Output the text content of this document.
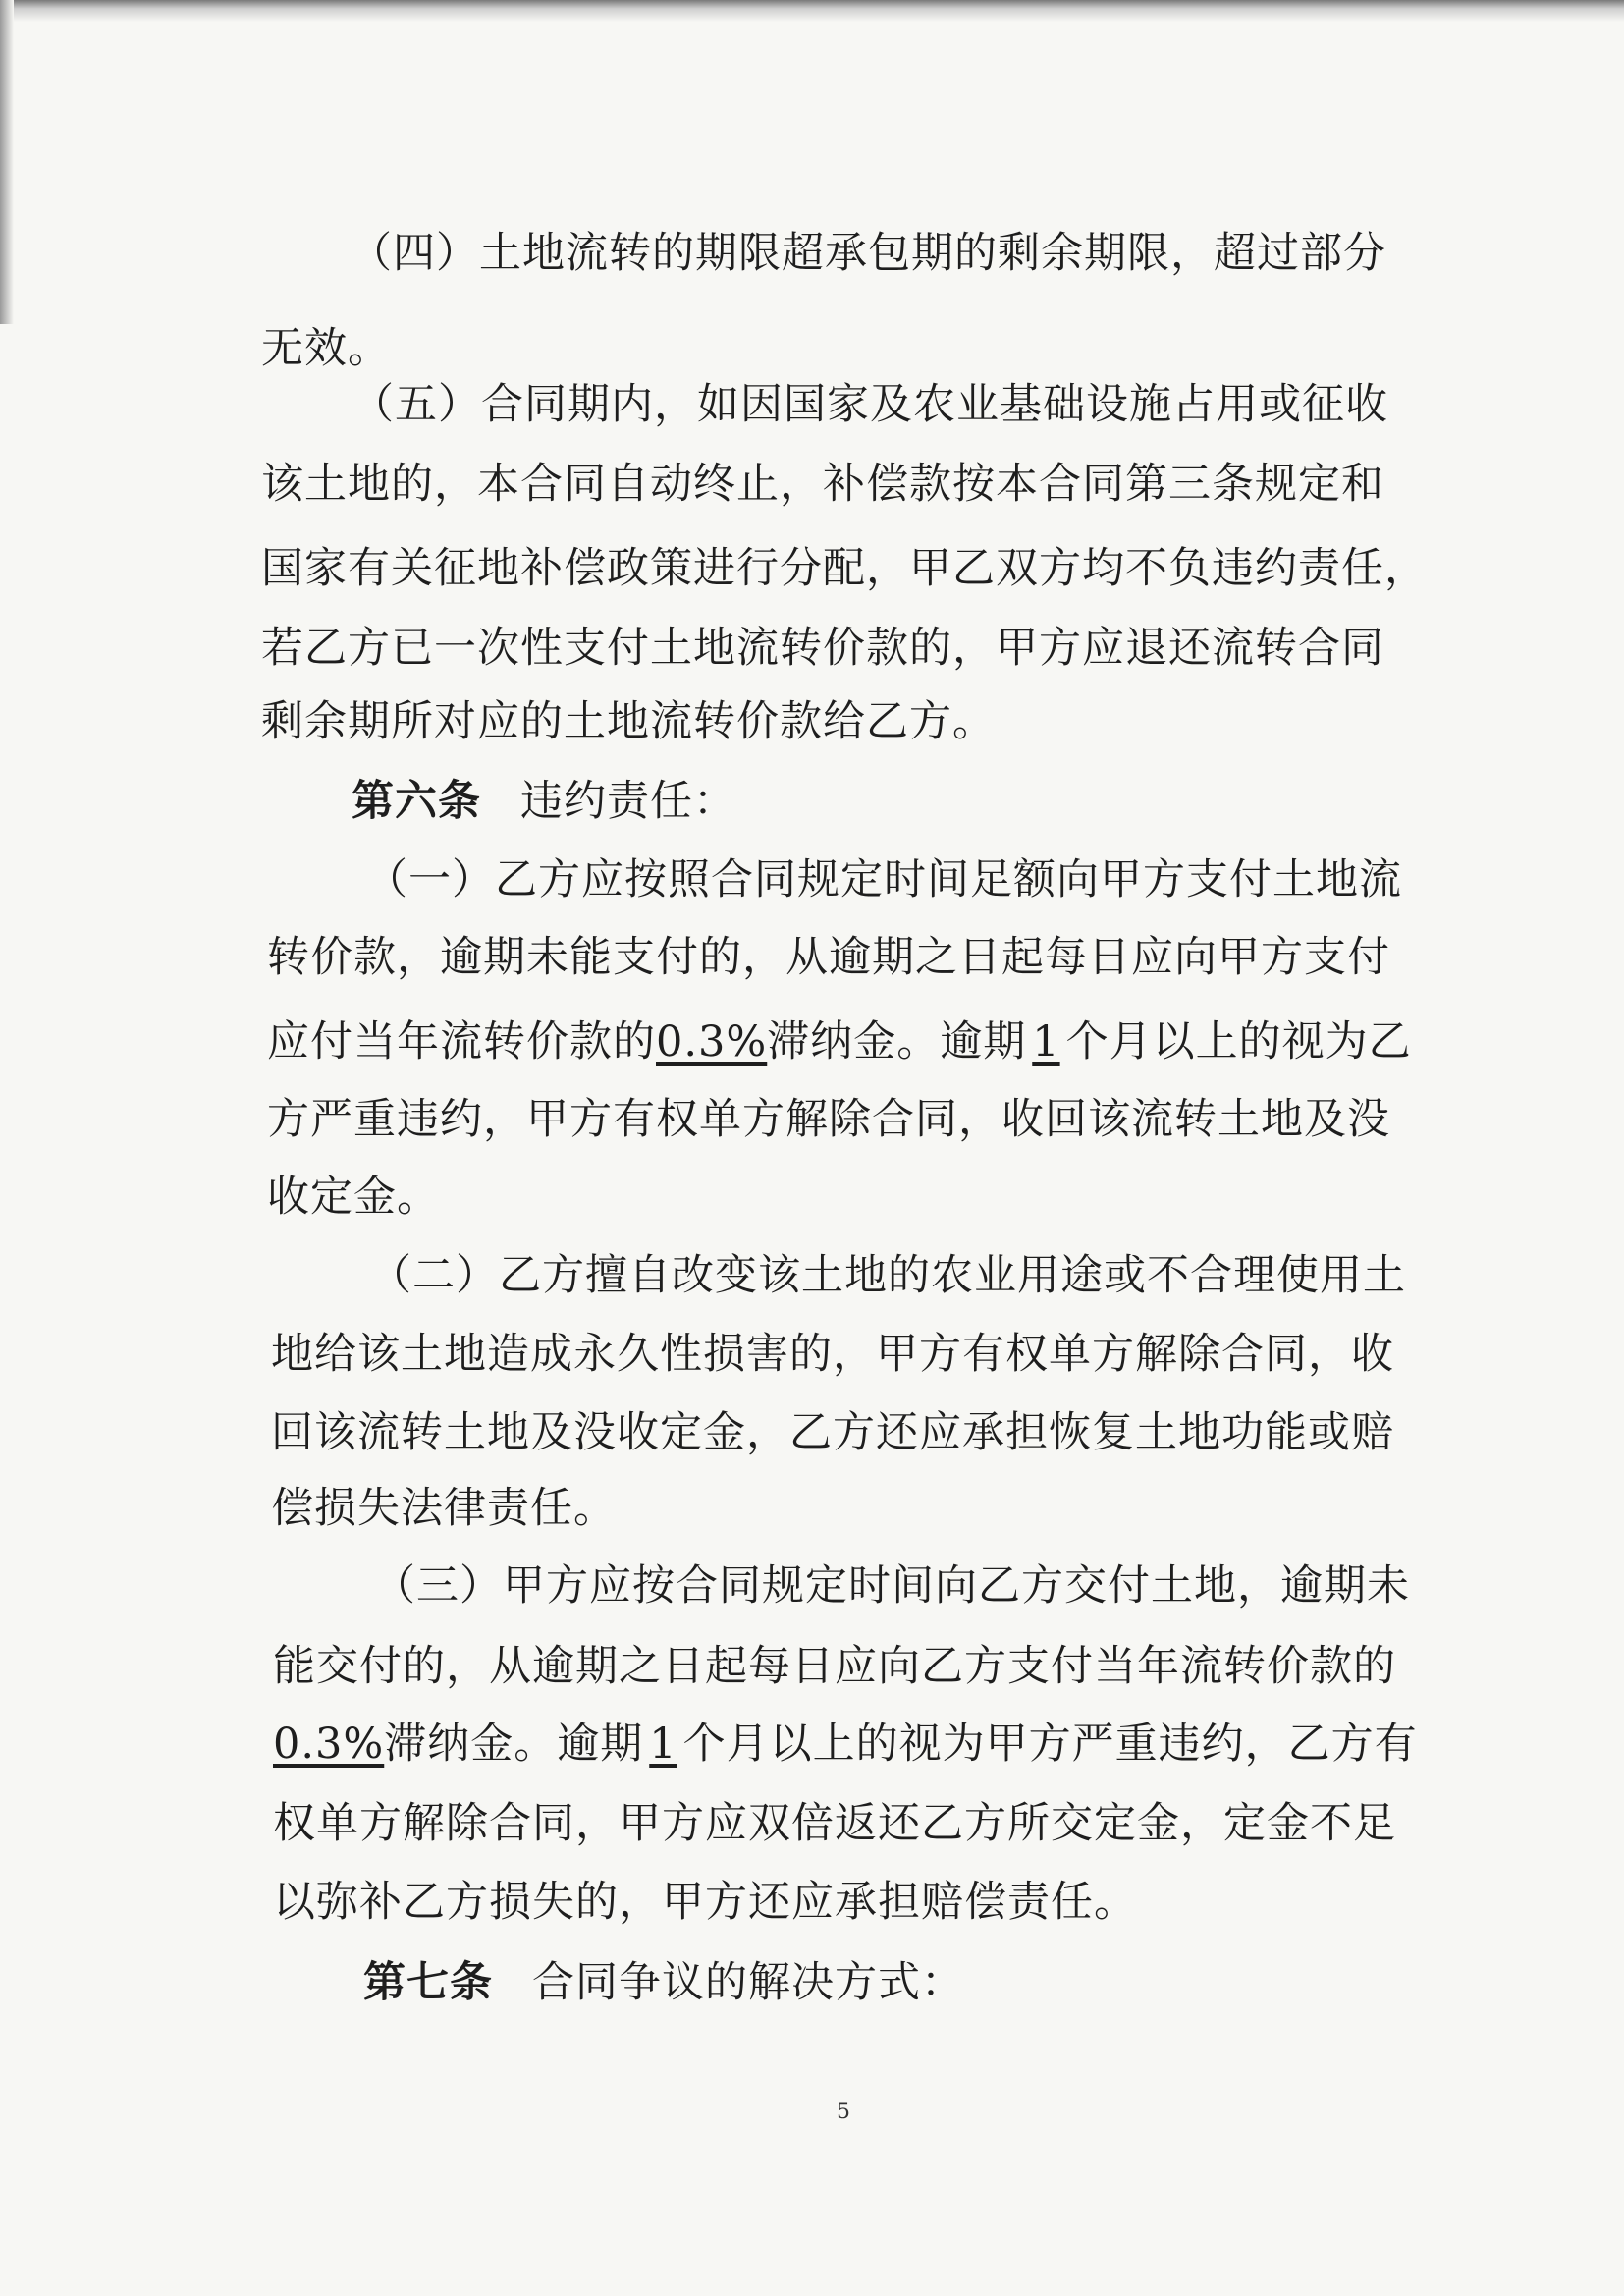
（四）土地流转的期限超承包期的剩余期限，超过部分

无效。

（五）合同期内，如因国家及农业基础设施占用或征收

该土地的，本合同自动终止，补偿款按本合同第三条规定和

国家有关征地补偿政策进行分配，甲乙双方均不负违约责任，

若乙方已一次性支付土地流转价款的，甲方应退还流转合同

剩余期所对应的土地流转价款给乙方。

第六条 违约责任：

（一）乙方应按照合同规定时间足额向甲方支付土地流

转价款，逾期未能支付的，从逾期之日起每日应向甲方支付

应付当年流转价款的0.3%滞纳金。逾期 1 个月以上的视为乙

方严重违约，甲方有权单方解除合同，收回该流转土地及没

收定金。

（二）乙方擅自改变该土地的农业用途或不合理使用土

地给该土地造成永久性损害的，甲方有权单方解除合同，收

回该流转土地及没收定金，乙方还应承担恢复土地功能或赔

偿损失法律责任。

（三）甲方应按合同规定时间向乙方交付土地，逾期未

能交付的，从逾期之日起每日应向乙方支付当年流转价款的

0.3%滞纳金。逾期 1 个月以上的视为甲方严重违约，乙方有

权单方解除合同，甲方应双倍返还乙方所交定金，定金不足

以弥补乙方损失的，甲方还应承担赔偿责任。

第七条 合同争议的解决方式：

5
